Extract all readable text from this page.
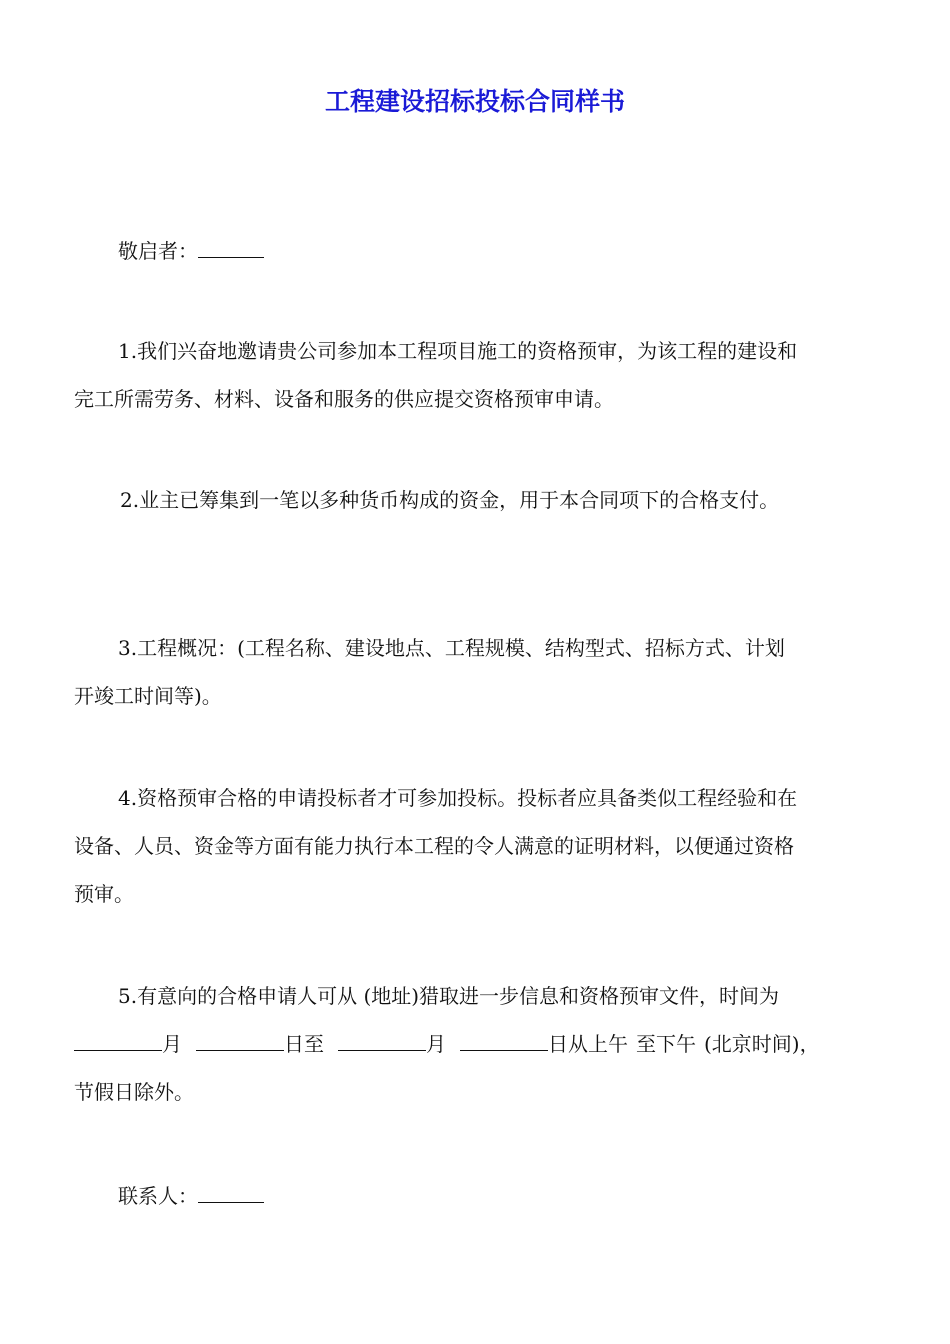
工程建设招标投标合同样书

敬启者：

1.我们兴奋地邀请贵公司参加本工程项目施工的资格预审，为该工程的建设和
完工所需劳务、材料、设备和服务的供应提交资格预审申请。

2.业主已筹集到一笔以多种货币构成的资金，用于本合同项下的合格支付。

3.工程概况：(工程名称、建设地点、工程规模、结构型式、招标方式、计划
开竣工时间等)。

4.资格预审合格的申请投标者才可参加投标。投标者应具备类似工程经验和在
设备、人员、资金等方面有能力执行本工程的令人满意的证明材料，以便通过资格
预审。

5.有意向的合格申请人可从 (地址)猎取进一步信息和资格预审文件，时间为
月	日至	月	日从上午 至下午 (北京时间)，
节假日除外。

联系人：
